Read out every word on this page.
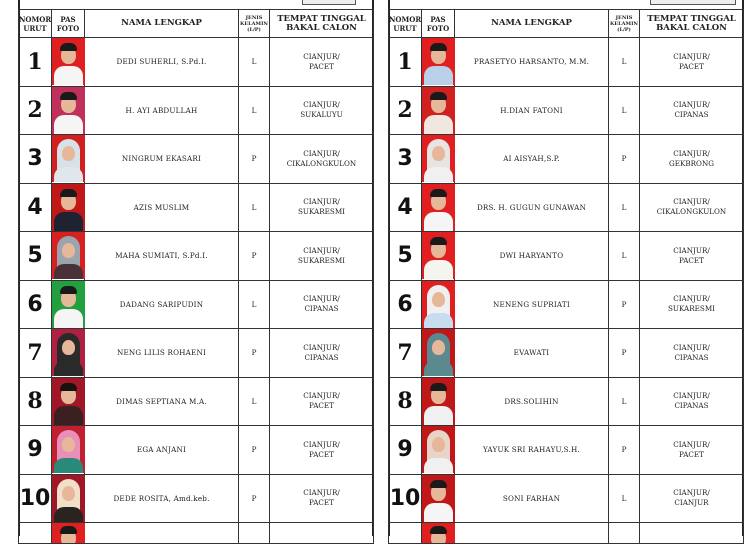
NOMOR URUT	PAS FOTO	NAMA LENGKAP	JENIS KELAMIN (L/P)	TEMPAT TINGGAL BAKAL CALON
1		DEDI SUHERLI, S.Pd.I.	L	CIANJUR/
PACET
2		H. AYI ABDULLAH	L	CIANJUR/
SUKALUYU
3		NINGRUM EKASARI	P	CIANJUR/
CIKALONGKULON
4		AZIS MUSLIM	L	CIANJUR/
SUKARESMI
5		MAHA SUMIATI, S.Pd.I.	P	CIANJUR/
SUKARESMI
6		DADANG SARIPUDIN	L	CIANJUR/
CIPANAS
7		NENG LILIS ROHAENI	P	CIANJUR/
CIPANAS
8		DIMAS SEPTIANA M.A.	L	CIANJUR/
PACET
9		EGA ANJANI	P	CIANJUR/
PACET
10		DEDE ROSITA, Amd.keb.	P	CIANJUR/
PACET

NOMOR URUT	PAS FOTO	NAMA LENGKAP	JENIS KELAMIN (L/P)	TEMPAT TINGGAL BAKAL CALON
1		PRASETYO HARSANTO, M.M.	L	CIANJUR/
PACET
2		H.DIAN FATONI	L	CIANJUR/
CIPANAS
3		AI AISYAH,S.P.	P	CIANJUR/
GEKBRONG
4		DRS. H. GUGUN GUNAWAN	L	CIANJUR/
CIKALONGKULON
5		DWI HARYANTO	L	CIANJUR/
PACET
6		NENENG SUPRIATI	P	CIANJUR/
SUKARESMI
7		EVAWATI	P	CIANJUR/
CIPANAS
8		DRS.SOLIHIN	L	CIANJUR/
CIPANAS
9		YAYUK SRI RAHAYU,S.H.	P	CIANJUR/
PACET
10		SONI FARHAN	L	CIANJUR/
CIANJUR
